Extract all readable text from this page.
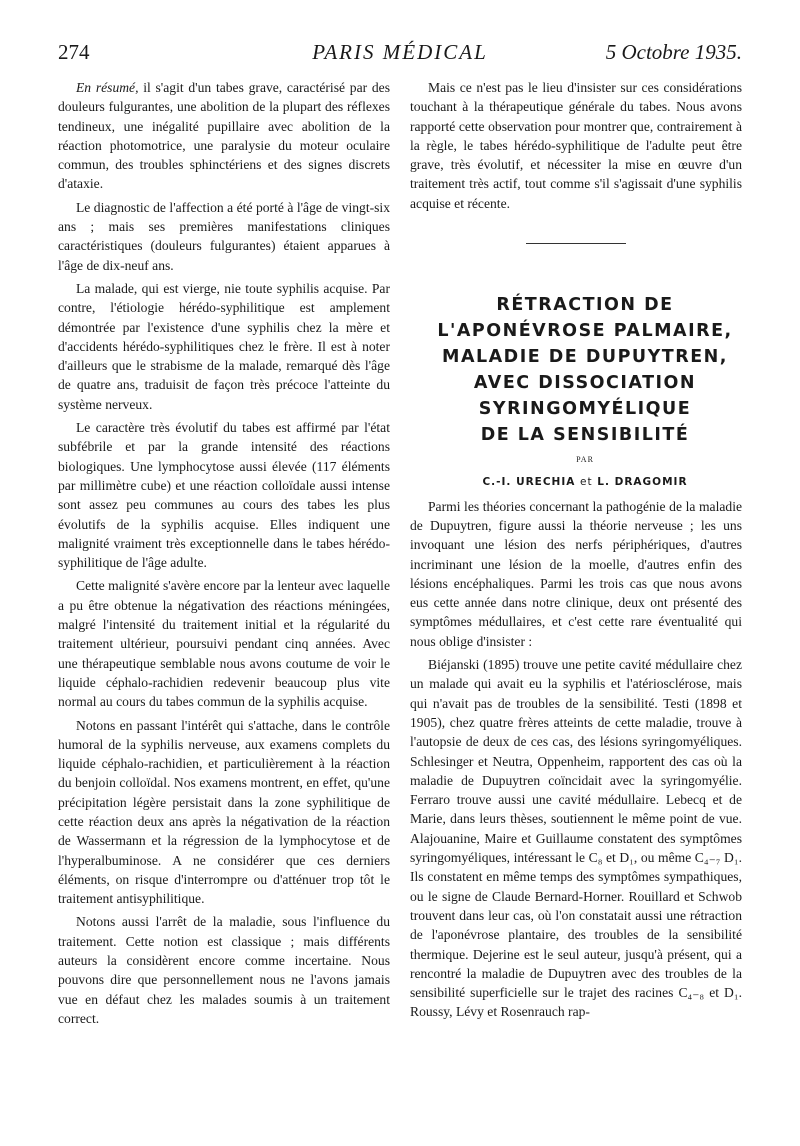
274	PARIS MÉDICAL	5 Octobre 1935.

En résumé, il s'agit d'un tabes grave, caractérisé par des douleurs fulgurantes, une abolition de la plupart des réflexes tendineux, une inégalité pupillaire avec abolition de la réaction photomotrice, une paralysie du moteur oculaire commun, des troubles sphinctériens et des signes discrets d'ataxie.

Le diagnostic de l'affection a été porté à l'âge de vingt-six ans ; mais ses premières manifestations cliniques caractéristiques (douleurs fulgurantes) étaient apparues à l'âge de dix-neuf ans.

La malade, qui est vierge, nie toute syphilis acquise. Par contre, l'étiologie hérédo-syphilitique est amplement démontrée par l'existence d'une syphilis chez la mère et d'accidents hérédo-syphilitiques chez le frère. Il est à noter d'ailleurs que le strabisme de la malade, remarqué dès l'âge de quatre ans, traduisit de façon très précoce l'atteinte du système nerveux.

Le caractère très évolutif du tabes est affirmé par l'état subfébrile et par la grande intensité des réactions biologiques. Une lymphocytose aussi élevée (117 éléments par millimètre cube) et une réaction colloïdale aussi intense sont assez peu communes au cours des tabes les plus évolutifs de la syphilis acquise. Elles indiquent une malignité vraiment très exceptionnelle dans le tabes hérédo-syphilitique de l'âge adulte.

Cette malignité s'avère encore par la lenteur avec laquelle a pu être obtenue la négativation des réactions méningées, malgré l'intensité du traitement initial et la régularité du traitement ultérieur, poursuivi pendant cinq années. Avec une thérapeutique semblable nous avons coutume de voir le liquide céphalo-rachidien redevenir beaucoup plus vite normal au cours du tabes commun de la syphilis acquise.

Notons en passant l'intérêt qui s'attache, dans le contrôle humoral de la syphilis nerveuse, aux examens complets du liquide céphalo-rachidien, et particulièrement à la réaction du benjoin colloïdal. Nos examens montrent, en effet, qu'une précipitation légère persistait dans la zone syphilitique de cette réaction deux ans après la négativation de la réaction de Wassermann et la régression de la lymphocytose et de l'hyperalbuminose. A ne considérer que ces derniers éléments, on risque d'interrompre ou d'atténuer trop tôt le traitement antisyphilitique.

Notons aussi l'arrêt de la maladie, sous l'influence du traitement. Cette notion est classique ; mais différents auteurs la considèrent encore comme incertaine. Nous pouvons dire que personnellement nous ne l'avons jamais vue en défaut chez les malades soumis à un traitement correct.

Mais ce n'est pas le lieu d'insister sur ces considérations touchant à la thérapeutique générale du tabes. Nous avons rapporté cette observation pour montrer que, contrairement à la règle, le tabes hérédo-syphilitique de l'adulte peut être grave, très évolutif, et nécessiter la mise en œuvre d'un traitement très actif, tout comme s'il s'agissait d'une syphilis acquise et récente.

RÉTRACTION DE

L'APONÉVROSE PALMAIRE,

MALADIE DE DUPUYTREN,

AVEC DISSOCIATION

SYRINGOMYÉLIQUE

DE LA SENSIBILITÉ

PAR

C.-I. URECHIA et L. DRAGOMIR

Parmi les théories concernant la pathogénie de la maladie de Dupuytren, figure aussi la théorie nerveuse ; les uns invoquant une lésion des nerfs périphériques, d'autres incriminant une lésion de la moelle, d'autres enfin des lésions encéphaliques. Parmi les trois cas que nous avons eus cette année dans notre clinique, deux ont présenté des symptômes médullaires, et c'est cette rare éventualité qui nous oblige d'insister :

Biéjanski (1895) trouve une petite cavité médullaire chez un malade qui avait eu la syphilis et l'atériosclérose, mais qui n'avait pas de troubles de la sensibilité. Testi (1898 et 1905), chez quatre frères atteints de cette maladie, trouve à l'autopsie de deux de ces cas, des lésions syringomyéliques. Schlesinger et Neutra, Oppenheim, rapportent des cas où la maladie de Dupuytren coïncidait avec la syringomyélie. Ferraro trouve aussi une cavité médullaire. Lebecq et de Marie, dans leurs thèses, soutiennent le même point de vue. Alajouanine, Maire et Guillaume constatent des symptômes syringomyéliques, intéressant le C₈ et D₁, ou même C₄₋₇ D₁. Ils constatent en même temps des symptômes sympathiques, ou le signe de Claude Bernard-Horner. Rouillard et Schwob trouvent dans leur cas, où l'on constatait aussi une rétraction de l'aponévrose plantaire, des troubles de la sensibilité thermique. Dejerine est le seul auteur, jusqu'à présent, qui a rencontré la maladie de Dupuytren avec des troubles de la sensibilité superficielle sur le trajet des racines C₄₋₈ et D₁. Roussy, Lévy et Rosenrauch rap-
